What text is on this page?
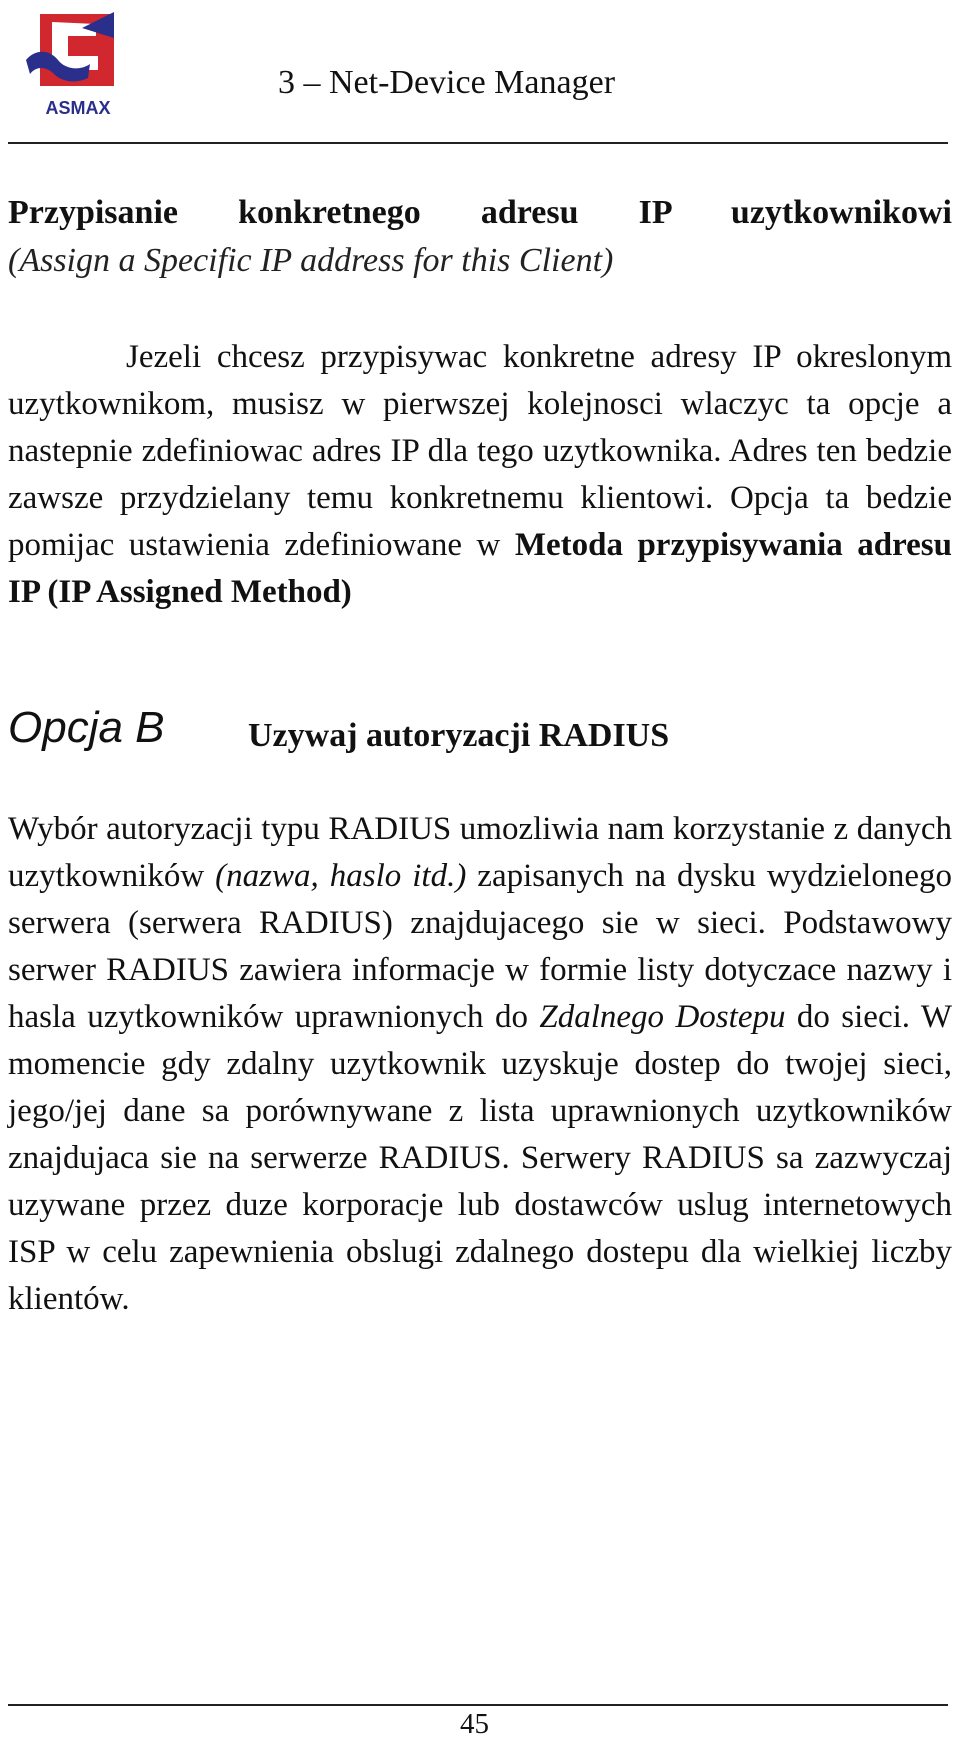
ASMAX
3 – Net-Device Manager
Przypisanie konkretnego adresu IP uzytkownikowi
(Assign a Specific IP address for this Client)

Jezeli chcesz przypisywac konkretne adresy IP okreslonym uzytkownikom, musisz w pierwszej kolejnosci wlaczyc ta opcje a nastepnie zdefiniowac adres IP dla tego uzytkownika. Adres ten bedzie zawsze przydzielany temu konkretnemu klientowi. Opcja ta bedzie pomijac ustawienia zdefiniowane w Metoda przypisywania adresu IP (IP Assigned Method)

Opcja B Uzywaj autoryzacji RADIUS

Wybór autoryzacji typu RADIUS umozliwia nam korzystanie z danych uzytkowników (nazwa, haslo itd.) zapisanych na dysku wydzielonego serwera (serwera RADIUS) znajdujacego sie w sieci. Podstawowy serwer RADIUS zawiera informacje w formie listy dotyczace nazwy i hasla uzytkowników uprawnionych do Zdalnego Dostepu do sieci. W momencie gdy zdalny uzytkownik uzyskuje dostep do twojej sieci, jego/jej dane sa porównywane z lista uprawnionych uzytkowników znajdujaca sie na serwerze RADIUS. Serwery RADIUS sa zazwyczaj uzywane przez duze korporacje lub dostawców uslug internetowych ISP w celu zapewnienia obslugi zdalnego dostepu dla wielkiej liczby klientów.

45
